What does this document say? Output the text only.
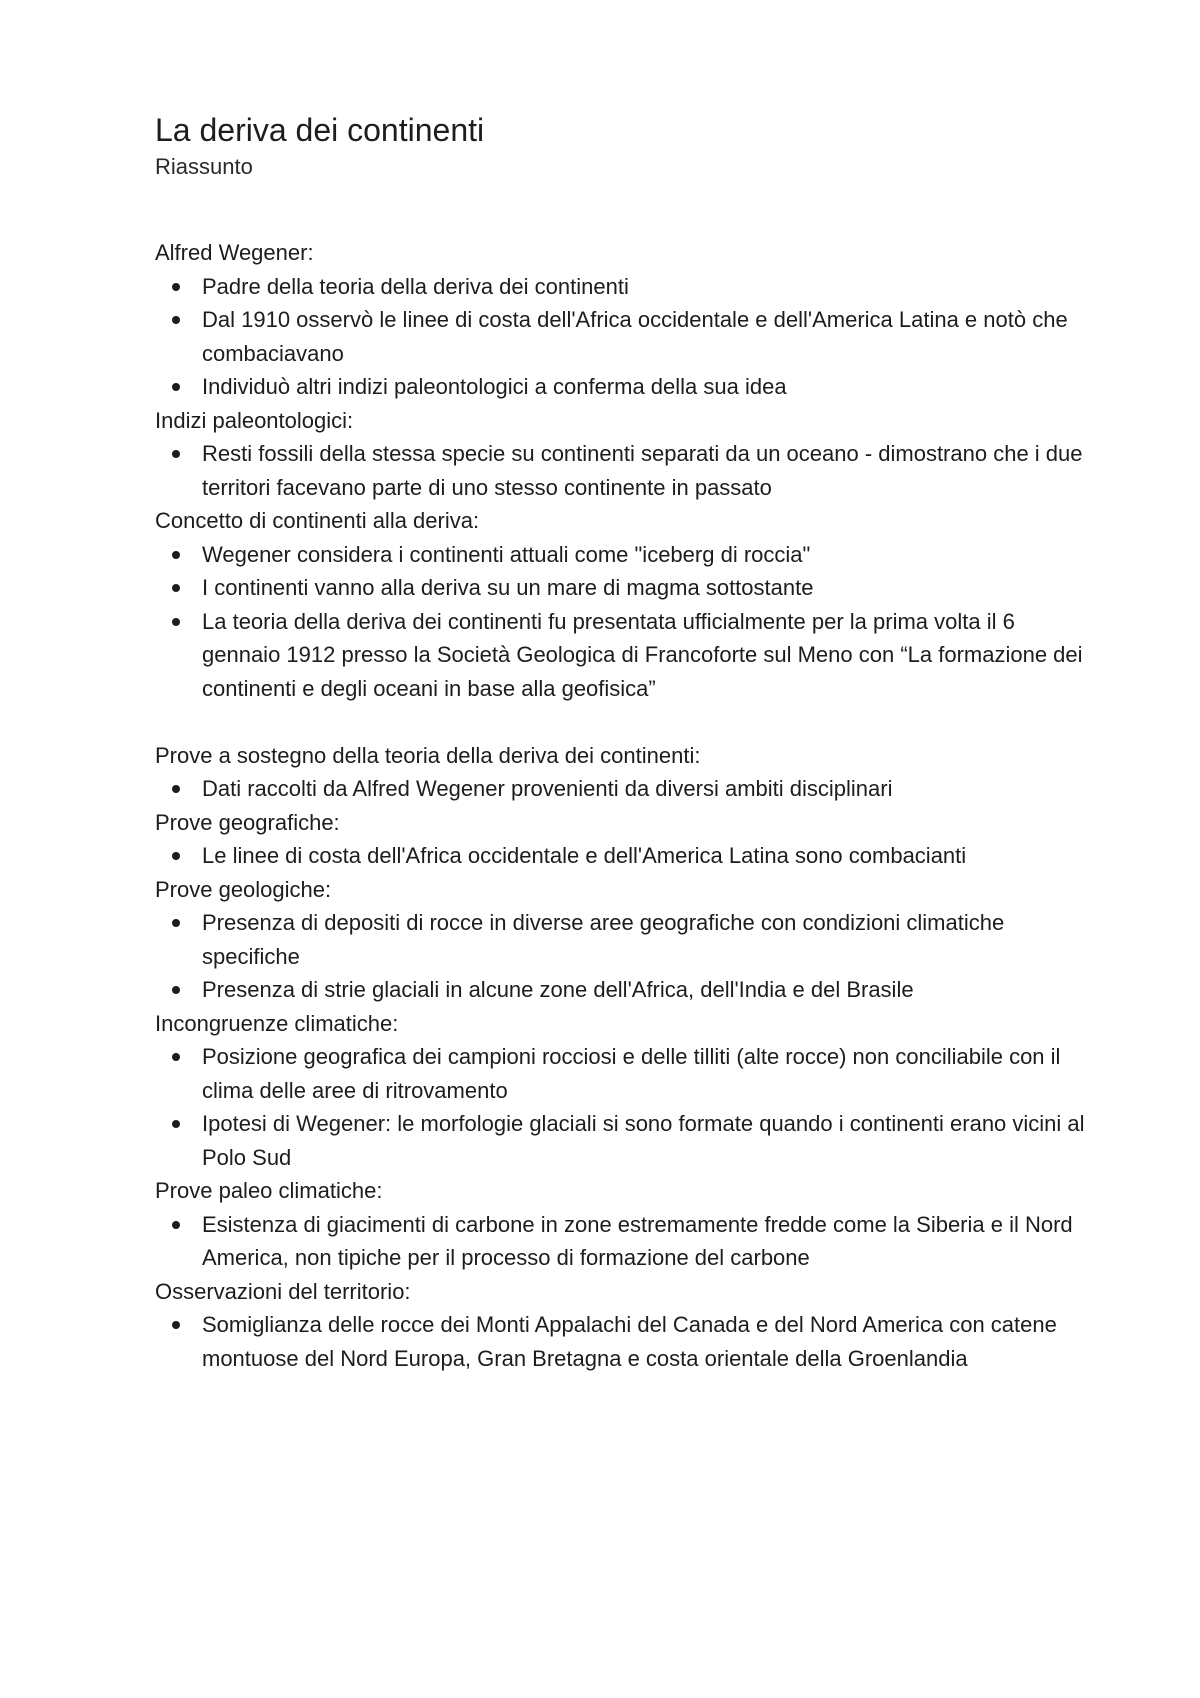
La deriva dei continenti
Riassunto

Alfred Wegener:

Padre della teoria della deriva dei continenti
Dal 1910 osservò le linee di costa dell'Africa occidentale e dell'America Latina e notò che combaciavano
Individuò altri indizi paleontologici a conferma della sua idea

Indizi paleontologici:

Resti fossili della stessa specie su continenti separati da un oceano - dimostrano che i due territori facevano parte di uno stesso continente in passato

Concetto di continenti alla deriva:

Wegener considera i continenti attuali come "iceberg di roccia"
I continenti vanno alla deriva su un mare di magma sottostante
La teoria della deriva dei continenti fu presentata ufficialmente per la prima volta il 6 gennaio 1912 presso la Società Geologica di Francoforte sul Meno con “La formazione dei continenti e degli oceani in base alla geofisica”

Prove a sostegno della teoria della deriva dei continenti:

Dati raccolti da Alfred Wegener provenienti da diversi ambiti disciplinari

Prove geografiche:

Le linee di costa dell'Africa occidentale e dell'America Latina sono combacianti

Prove geologiche:

Presenza di depositi di rocce in diverse aree geografiche con condizioni climatiche specifiche
Presenza di strie glaciali in alcune zone dell'Africa, dell'India e del Brasile

Incongruenze climatiche:

Posizione geografica dei campioni rocciosi e delle tilliti (alte rocce) non conciliabile con il clima delle aree di ritrovamento
Ipotesi di Wegener: le morfologie glaciali si sono formate quando i continenti erano vicini al Polo Sud

Prove paleo climatiche:

Esistenza di giacimenti di carbone in zone estremamente fredde come la Siberia e il Nord America, non tipiche per il processo di formazione del carbone

Osservazioni del territorio:

Somiglianza delle rocce dei Monti Appalachi del Canada e del Nord America con catene montuose del Nord Europa, Gran Bretagna e costa orientale della Groenlandia
